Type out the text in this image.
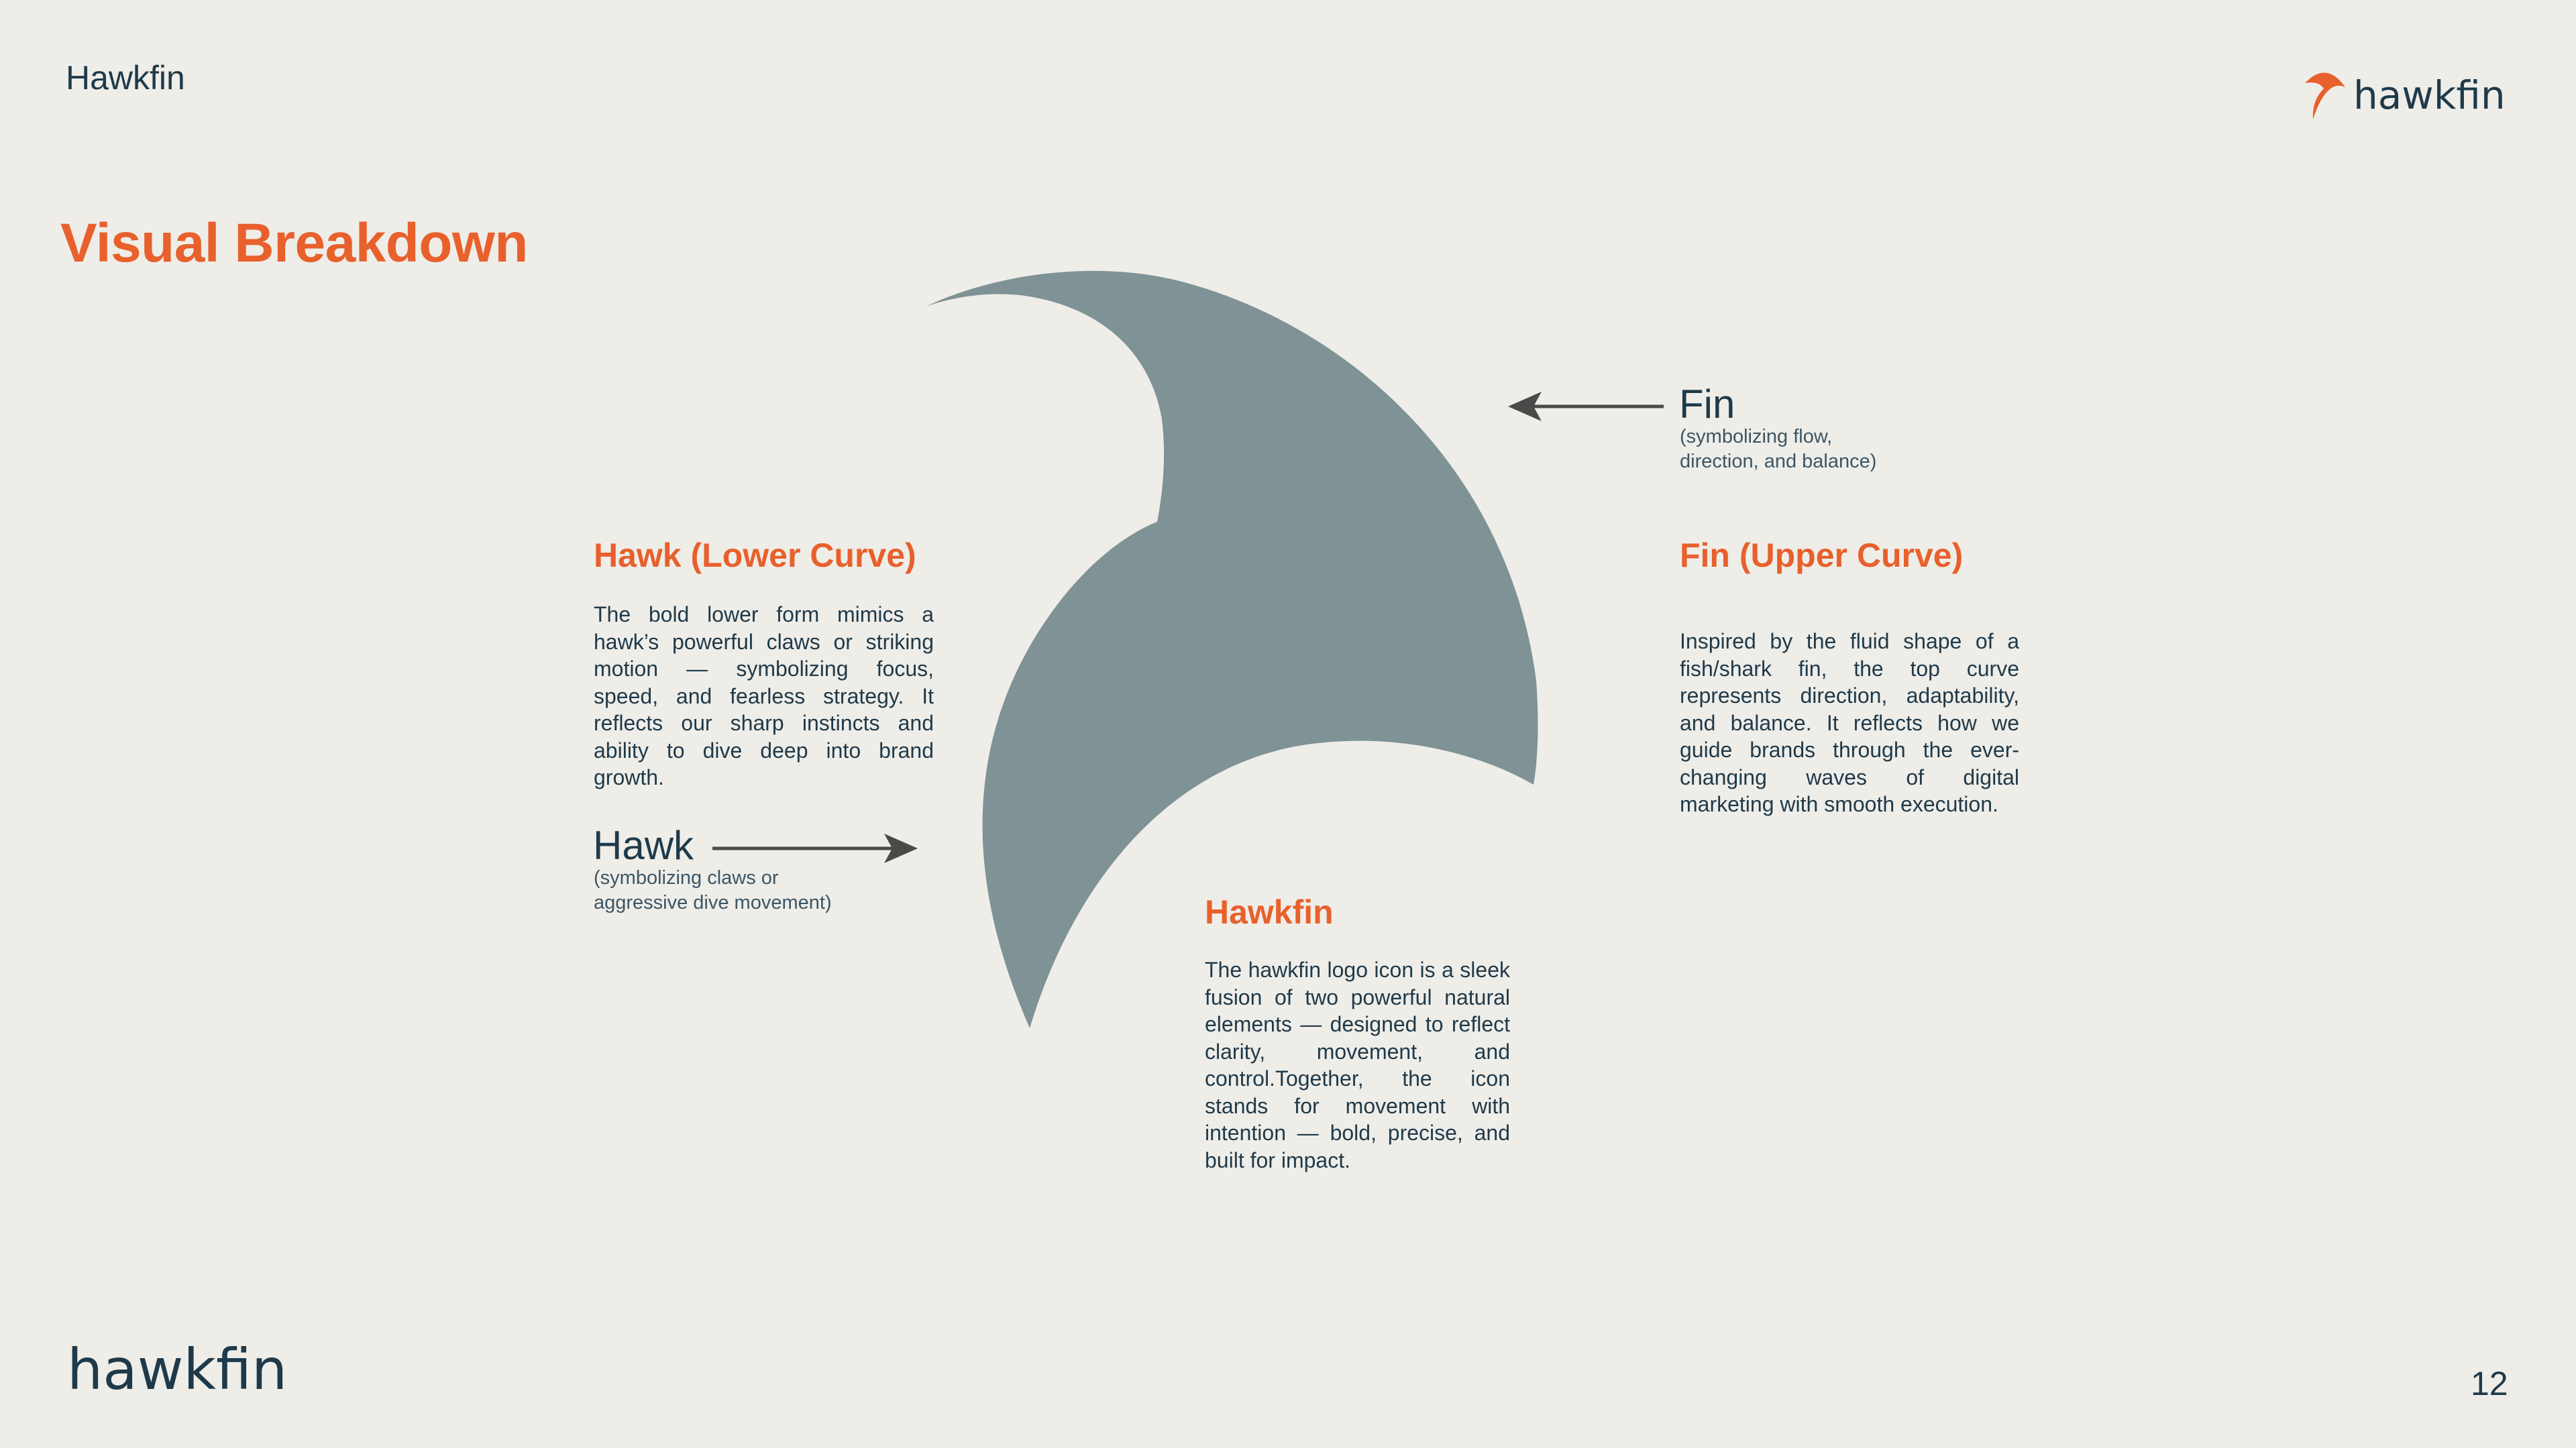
Hawkfin	hawkfin
Visual Breakdown
Fin
(symbolizing flow,
direction, and balance)
Hawk (Lower Curve)
The bold lower form mimics a hawk’s powerful claws or striking motion — symbolizing focus, speed, and fearless strategy. It reflects our sharp instincts and ability to dive deep into brand growth.
Fin (Upper Curve)
Inspired by the fluid shape of a fish/shark fin, the top curve represents direction, adaptability, and balance. It reflects how we guide brands through the ever-changing waves of digital marketing with smooth execution.
Hawk
(symbolizing claws or
aggressive dive movement)	Hawkfin
The hawkfin logo icon is a sleek fusion of two powerful natural elements — designed to reflect clarity, movement, and control.Together, the icon stands for movement with intention — bold, precise, and built for impact.
hawkfin	12
